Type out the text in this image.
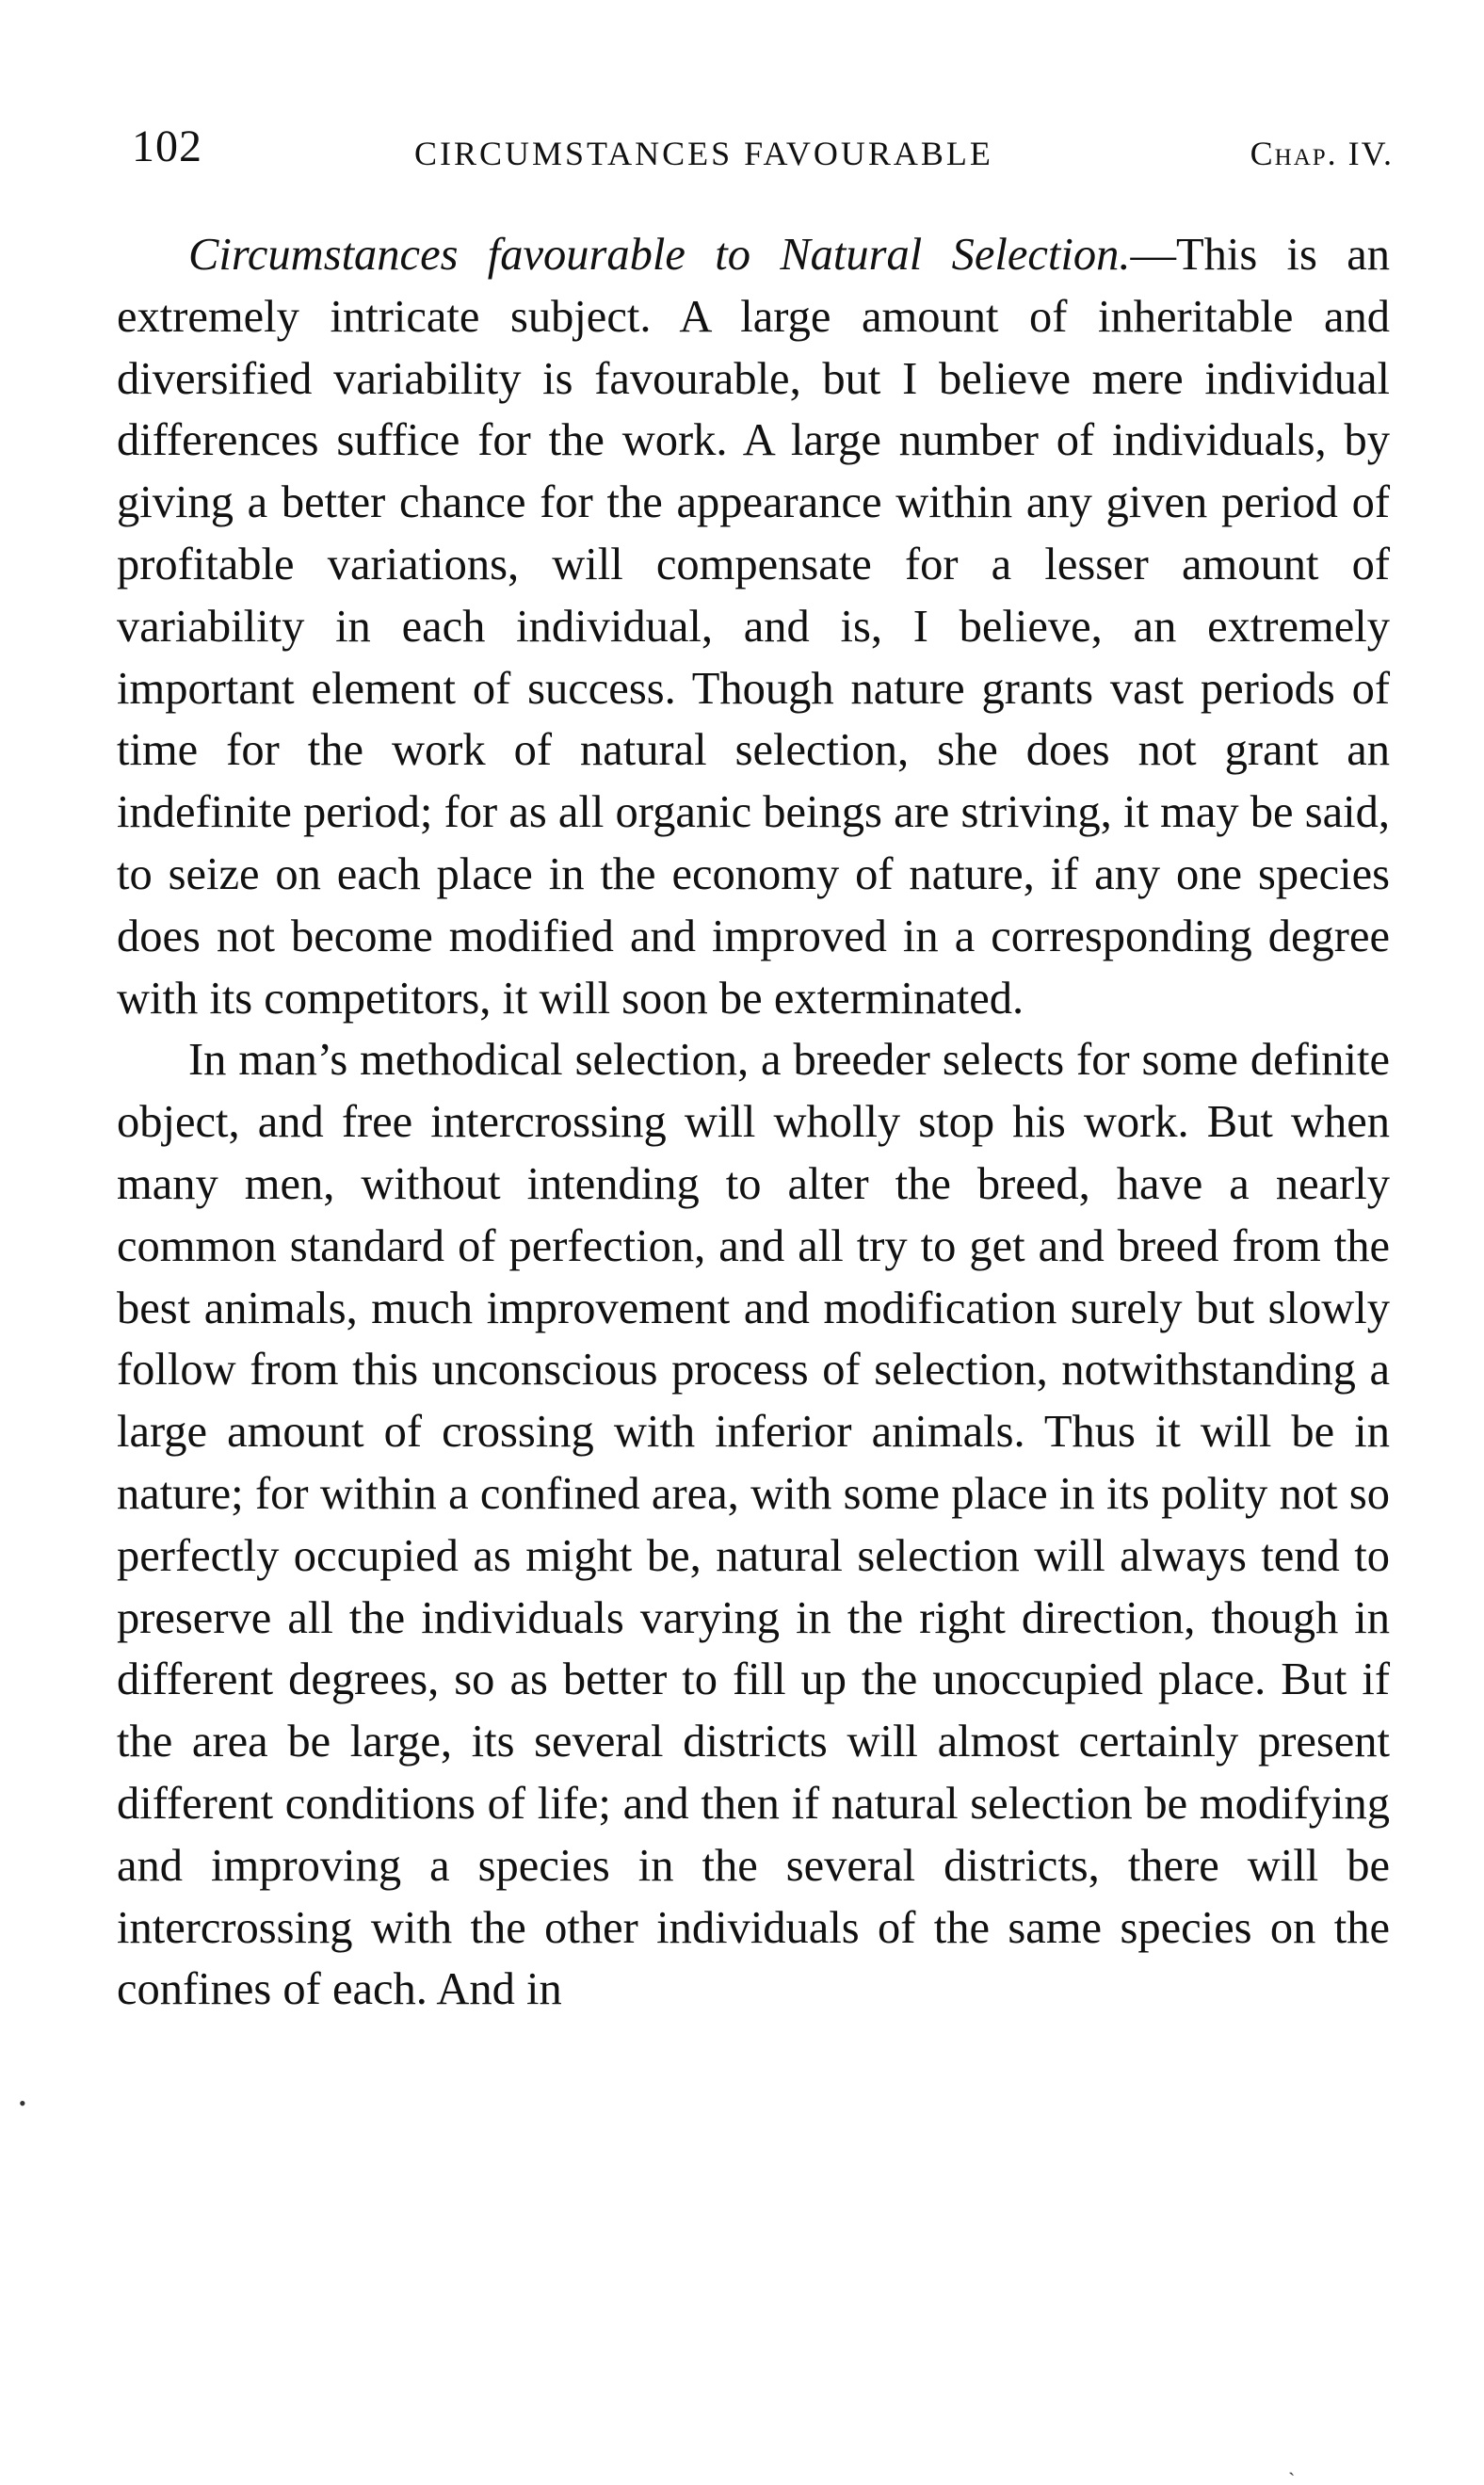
102	CIRCUMSTANCES FAVOURABLE	Chap. IV.

Circumstances favourable to Natural Selection.—This is an extremely intricate subject. A large amount of inheritable and diversified variability is favourable, but I believe mere individual differences suffice for the work. A large number of individuals, by giving a better chance for the appearance within any given period of profitable variations, will compensate for a lesser amount of variability in each individual, and is, I believe, an extremely important element of success. Though nature grants vast periods of time for the work of natural selection, she does not grant an indefinite period; for as all organic beings are striving, it may be said, to seize on each place in the economy of nature, if any one species does not become modified and improved in a corresponding degree with its competitors, it will soon be exterminated.

In man’s methodical selection, a breeder selects for some definite object, and free intercrossing will wholly stop his work. But when many men, without intending to alter the breed, have a nearly common standard of perfection, and all try to get and breed from the best animals, much improvement and modification surely but slowly follow from this unconscious process of selection, notwithstanding a large amount of crossing with inferior animals. Thus it will be in nature; for within a confined area, with some place in its polity not so perfectly occupied as might be, natural selection will always tend to preserve all the individuals varying in the right direction, though in different degrees, so as better to fill up the unoccupied place. But if the area be large, its several districts will almost certainly present different conditions of life; and then if natural selection be modifying and improving a species in the several districts, there will be intercrossing with the other individuals of the same species on the confines of each. And in

•
ˎ
